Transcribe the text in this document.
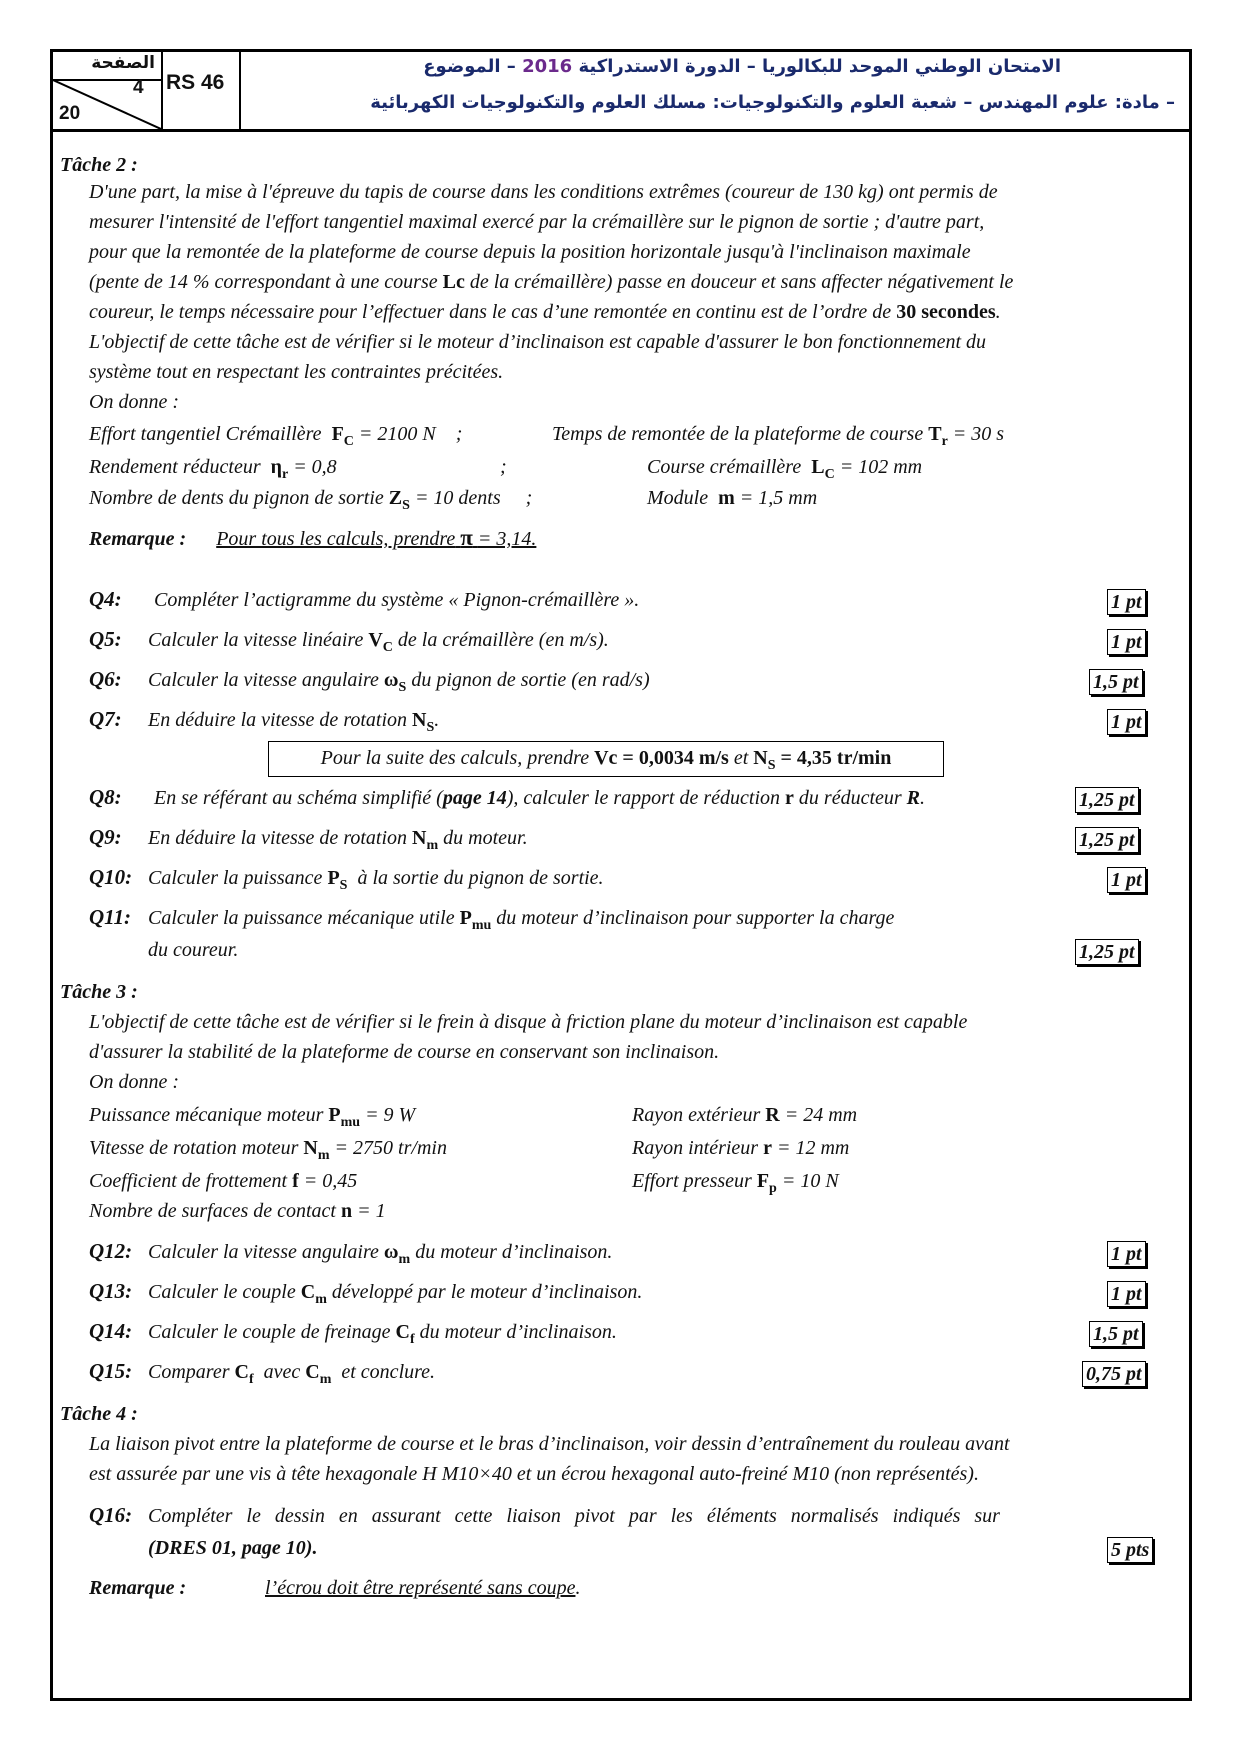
الصفحة
4
20
RS 46
الامتحان الوطني الموحد للبكالوريا – الدورة الاستدراكية 2016 – الموضوع
– مادة: علوم المهندس – شعبة العلوم والتكنولوجيات: مسلك العلوم والتكنولوجيات الكهربائية
Tâche 2 :
D'une part, la mise à l'épreuve du tapis de course dans les conditions extrêmes (coureur de 130 kg) ont permis de
mesurer l'intensité de l'effort tangentiel maximal exercé par la crémaillère sur le pignon de sortie ; d'autre part,
pour que la remontée de la plateforme de course depuis la position horizontale jusqu'à l'inclinaison maximale
(pente de 14 % correspondant à une course Lc de la crémaillère) passe en douceur et sans affecter négativement le
coureur, le temps nécessaire pour l’effectuer dans le cas d’une remontée en continu est de l’ordre de 30 secondes.
L'objectif de cette tâche est de vérifier si le moteur d’inclinaison est capable d'assurer le bon fonctionnement du
système tout en respectant les contraintes précitées.
On donne :
Effort tangentiel Crémaillère $F_C = 2100$ N ;	Temps de remontée de la plateforme de course $T_r = 30$ s
Rendement réducteur $\eta_r = 0,8$	;	Course crémaillère $L_C = 102$ mm
Nombre de dents du pignon de sortie $Z_S = 10$ dents ;	Module m = 1,5 mm
Remarque : Pour tous les calculs, prendre π = 3,14.
Q4: Compléter l’actigramme du système « Pignon-crémaillère ».	1 pt
Q5: Calculer la vitesse linéaire $V_C$ de la crémaillère (en m/s).	1 pt
Q6: Calculer la vitesse angulaire $\omega_S$ du pignon de sortie (en rad/s)	1,5 pt
Q7: En déduire la vitesse de rotation $N_S$.	1 pt
Pour la suite des calculs, prendre Vc = 0,0034 m/s et $N_S = 4,35$ tr/min
Q8: En se référant au schéma simplifié (page 14), calculer le rapport de réduction r du réducteur R.	1,25 pt
Q9: En déduire la vitesse de rotation $N_m$ du moteur.	1,25 pt
Q10: Calculer la puissance $P_S$ à la sortie du pignon de sortie.	1 pt
Q11: Calculer la puissance mécanique utile $P_{mu}$ du moteur d’inclinaison pour supporter la charge
du coureur.	1,25 pt
Tâche 3 :
L'objectif de cette tâche est de vérifier si le frein à disque à friction plane du moteur d’inclinaison est capable
d'assurer la stabilité de la plateforme de course en conservant son inclinaison.
On donne :
Puissance mécanique moteur $P_{mu} = 9$ W	Rayon extérieur R = 24 mm
Vitesse de rotation moteur $N_m = 2750$ tr/min	Rayon intérieur r = 12 mm
Coefficient de frottement f = 0,45	Effort presseur $F_p = 10$ N
Nombre de surfaces de contact n = 1
Q12: Calculer la vitesse angulaire $\omega_m$ du moteur d’inclinaison.	1 pt
Q13: Calculer le couple $C_m$ développé par le moteur d’inclinaison.	1 pt
Q14: Calculer le couple de freinage $C_f$ du moteur d’inclinaison.	1,5 pt
Q15: Comparer $C_f$ avec $C_m$ et conclure.	0,75 pt
Tâche 4 :
La liaison pivot entre la plateforme de course et le bras d’inclinaison, voir dessin d’entraînement du rouleau avant
est assurée par une vis à tête hexagonale H M10×40 et un écrou hexagonal auto-freiné M10 (non représentés).
Q16: Compléter le dessin en assurant cette liaison pivot par les éléments normalisés indiqués sur
(DRES 01, page 10).	5 pts
Remarque :	l’écrou doit être représenté sans coupe.
